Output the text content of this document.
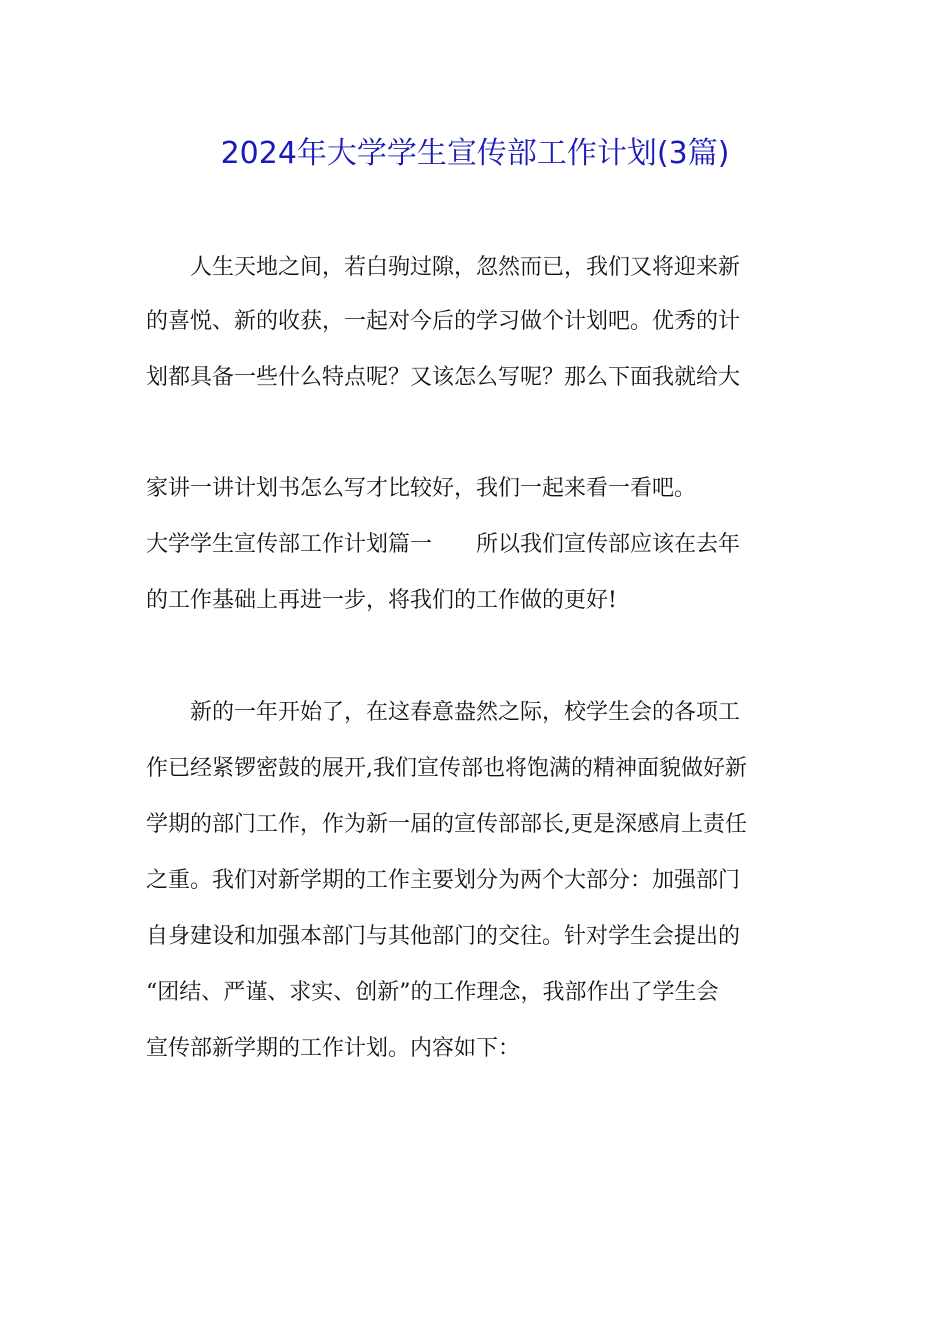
2024年大学学生宣传部工作计划(3篇)
人生天地之间，若白驹过隙，忽然而已，我们又将迎来新
的喜悦、新的收获，一起对今后的学习做个计划吧。优秀的计
划都具备一些什么特点呢？又该怎么写呢？那么下面我就给大
家讲一讲计划书怎么写才比较好，我们一起来看一看吧。
大学学生宣传部工作计划篇一　　所以我们宣传部应该在去年
的工作基础上再进一步，将我们的工作做的更好!
新的一年开始了，在这春意盎然之际，校学生会的各项工
作已经紧锣密鼓的展开,我们宣传部也将饱满的精神面貌做好新
学期的部门工作，作为新一届的宣传部部长,更是深感肩上责任
之重。我们对新学期的工作主要划分为两个大部分：加强部门
自身建设和加强本部门与其他部门的交往。针对学生会提出的
“团结、严谨、求实、创新”的工作理念，我部作出了学生会
宣传部新学期的工作计划。内容如下：
